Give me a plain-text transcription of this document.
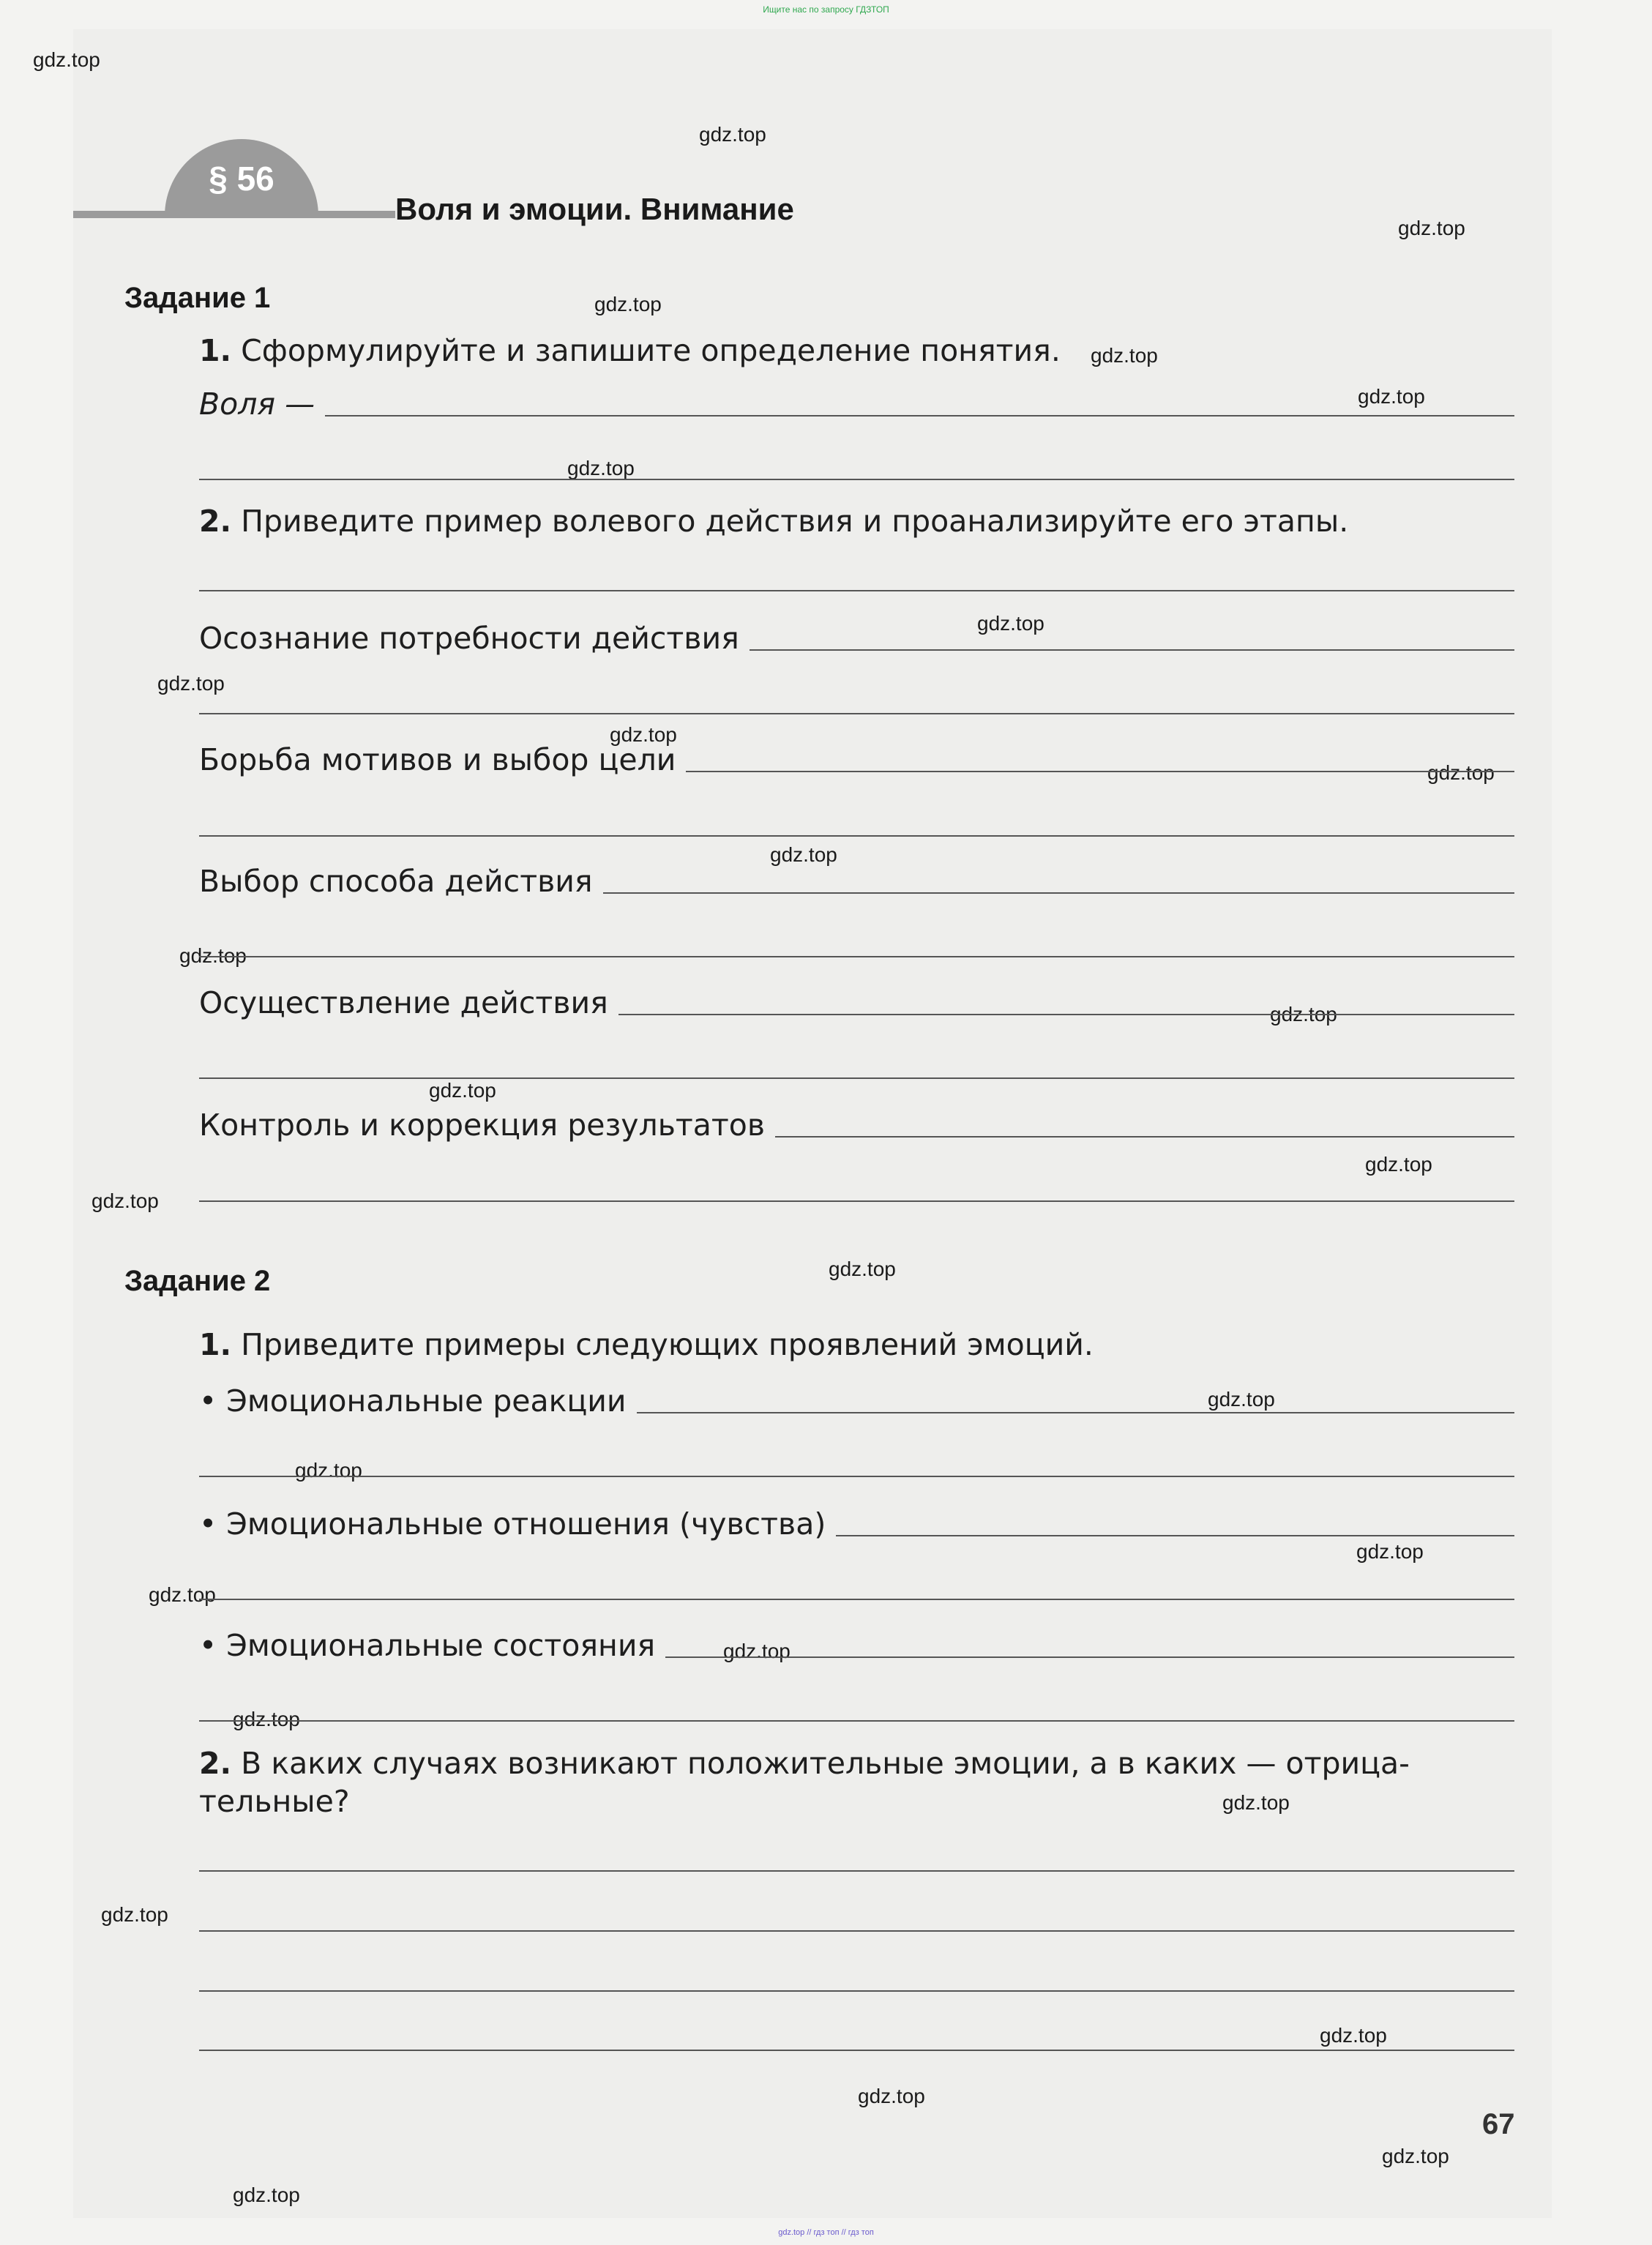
Ищите нас по запросу ГДЗТОП
gdz.top
gdz.top
gdz.top
gdz.top
gdz.top
gdz.top
gdz.top
gdz.top
gdz.top
gdz.top
gdz.top
gdz.top
gdz.top
gdz.top
gdz.top
gdz.top
gdz.top
gdz.top
gdz.top
gdz.top
gdz.top
gdz.top
gdz.top
gdz.top
gdz.top
gdz.top
gdz.top
gdz.top
gdz.top
gdz.top
§ 56
Воля и эмоции. Внимание
Задание 1
1. Сформулируйте и запишите определение понятия.
Воля —
2. Приведите пример волевого действия и проанализируйте его этапы.
Осознание потребности действия
Борьба мотивов и выбор цели
Выбор способа действия
Осуществление действия
Контроль и коррекция результатов
Задание 2
1. Приведите примеры следующих проявлений эмоций.
• Эмоциональные реакции
• Эмоциональные отношения (чувства)
• Эмоциональные состояния
2. В каких случаях возникают положительные эмоции, а в каких — отрица-
тельные?
67
gdz.top // гдз топ // гдз топ
